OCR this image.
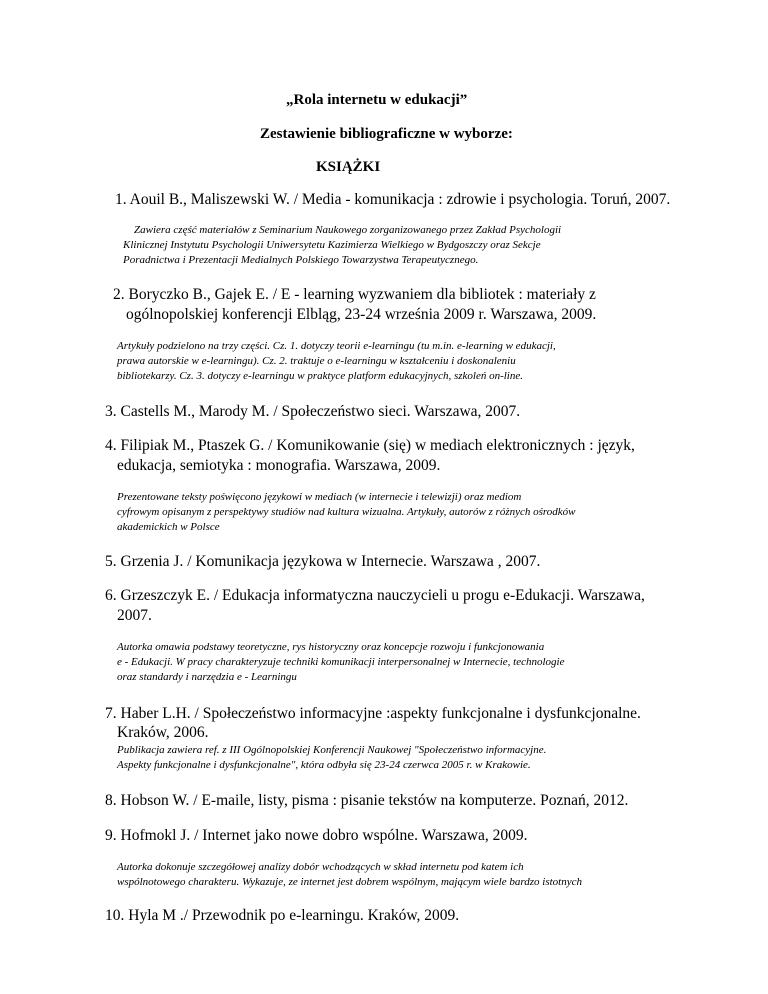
„Rola internetu w edukacji”
Zestawienie bibliograficzne w wyborze:
KSIĄŻKI
1. Aouil B., Maliszewski W. / Media - komunikacja : zdrowie i psychologia. Toruń, 2007.
Zawiera część materiałów z Seminarium Naukowego zorganizowanego przez Zakład Psychologii
Klinicznej Instytutu Psychologii Uniwersytetu Kazimierza Wielkiego w Bydgoszczy oraz Sekcje
Poradnictwa i Prezentacji Medialnych Polskiego Towarzystwa Terapeutycznego.
2. Boryczko B., Gajek E. / E - learning wyzwaniem dla bibliotek : materiały z
ogólnopolskiej konferencji Elbląg, 23-24 września 2009 r. Warszawa, 2009.
Artykuły podzielono na trzy części. Cz. 1. dotyczy teorii e-learningu (tu m.in. e-learning w edukacji,
prawa autorskie w e-learningu). Cz. 2. traktuje o e-learningu w kształceniu i doskonaleniu
bibliotekarzy. Cz. 3. dotyczy e-learningu w praktyce platform edukacyjnych, szkoleń on-line.
3. Castells M., Marody M. / Społeczeństwo sieci. Warszawa, 2007.
4. Filipiak M., Ptaszek G. / Komunikowanie (się) w mediach elektronicznych : język,
edukacja, semiotyka : monografia. Warszawa, 2009.
Prezentowane teksty poświęcono językowi w mediach (w internecie i telewizji) oraz mediom
cyfrowym opisanym z perspektywy studiów nad kultura wizualna. Artykuły, autorów z różnych ośrodków
akademickich w Polsce
5. Grzenia J. / Komunikacja językowa w Internecie. Warszawa , 2007.
6. Grzeszczyk E. / Edukacja informatyczna nauczycieli u progu e-Edukacji. Warszawa,
2007.
Autorka omawia podstawy teoretyczne, rys historyczny oraz koncepcje rozwoju i funkcjonowania
e - Edukacji. W pracy charakteryzuje techniki komunikacji interpersonalnej w Internecie, technologie
oraz standardy i narzędzia e - Learningu
7. Haber L.H. / Społeczeństwo informacyjne :aspekty funkcjonalne i dysfunkcjonalne.
Kraków, 2006.
Publikacja zawiera ref. z III Ogólnopolskiej Konferencji Naukowej "Społeczeństwo informacyjne.
Aspekty funkcjonalne i dysfunkcjonalne", która odbyła się 23-24 czerwca 2005 r. w Krakowie.
8. Hobson W. / E-maile, listy, pisma : pisanie tekstów na komputerze. Poznań, 2012.
9. Hofmokl J. / Internet jako nowe dobro wspólne. Warszawa, 2009.
Autorka dokonuje szczegółowej analizy dobór wchodzących w skład internetu pod katem ich
wspólnotowego charakteru. Wykazuje, ze internet jest dobrem wspólnym, mającym wiele bardzo istotnych
10. Hyla M ./ Przewodnik po e-learningu. Kraków, 2009.
